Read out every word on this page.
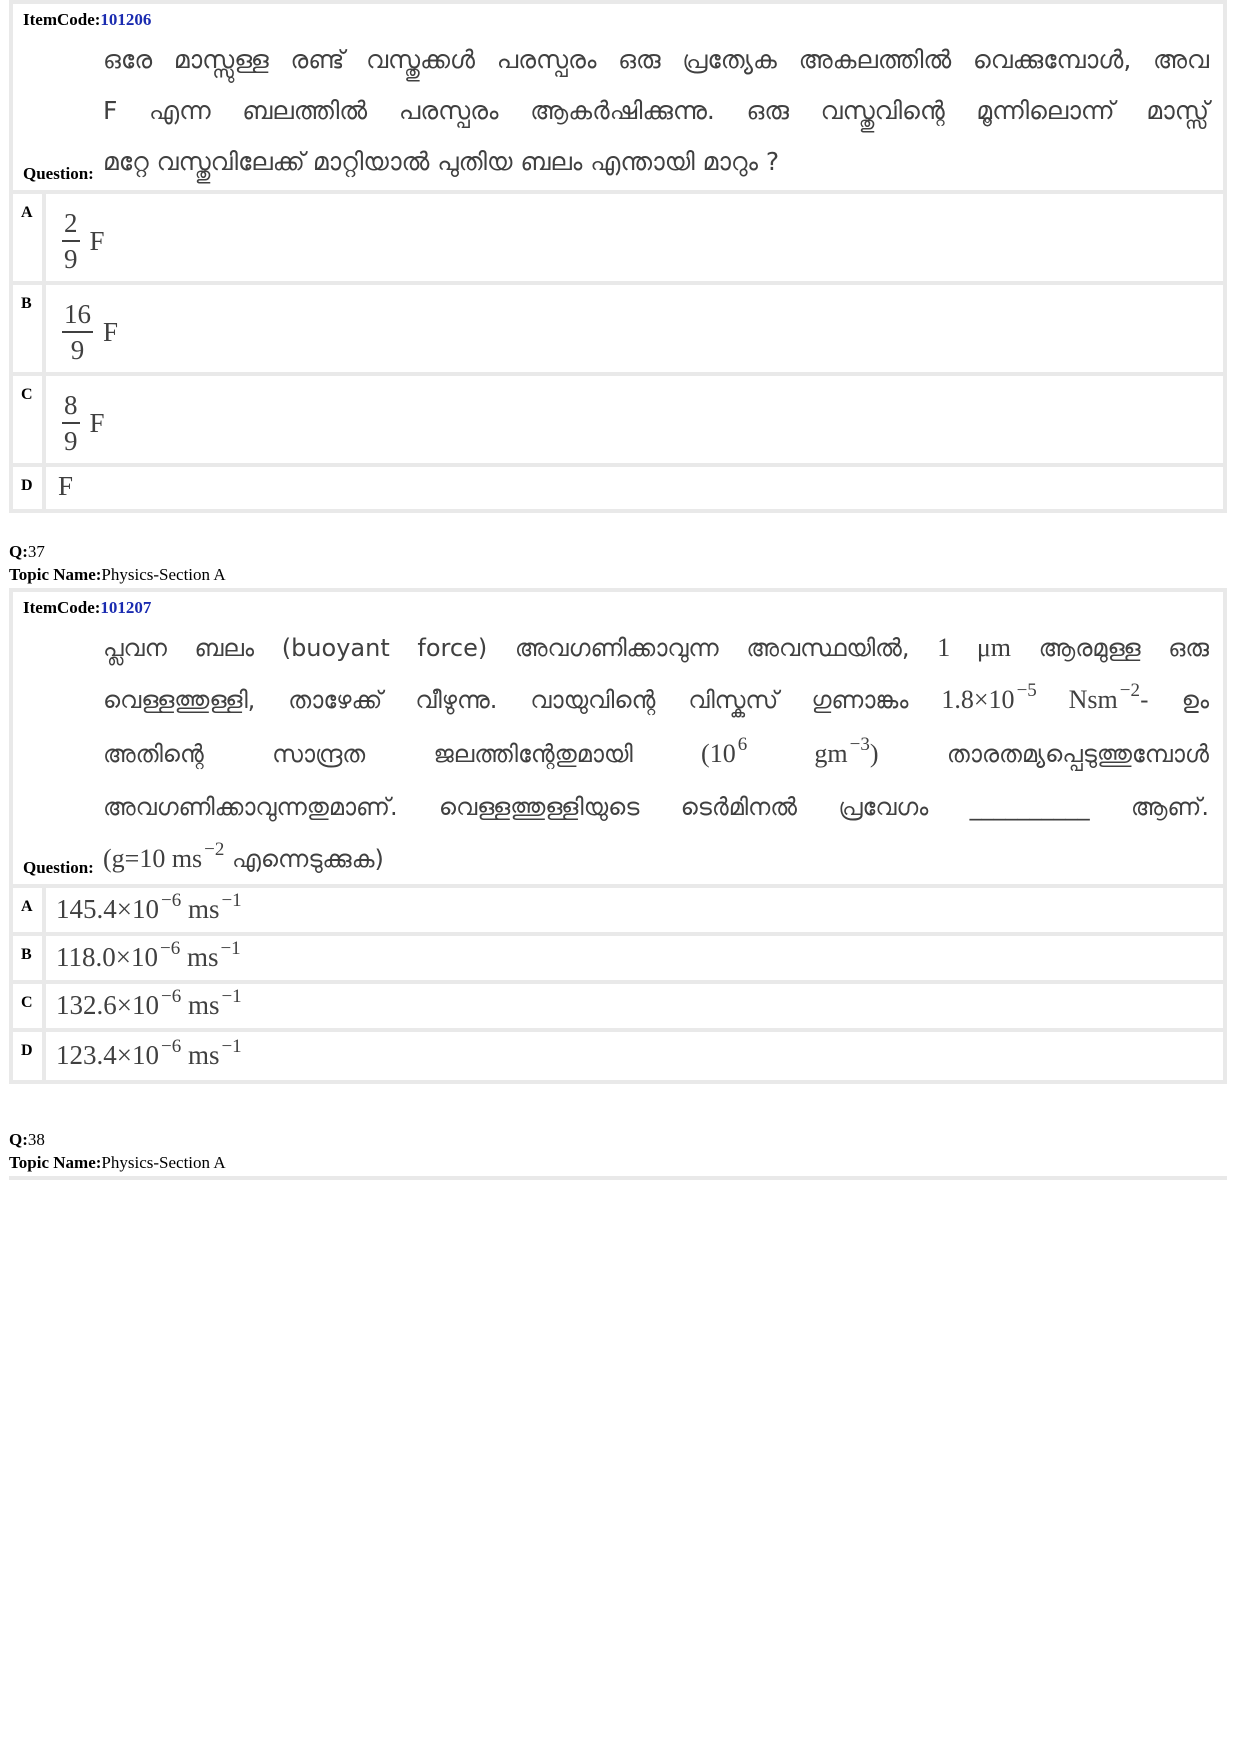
ItemCode:101206
ഒരേ മാസ്സുള്ള രണ്ട് വസ്തുക്കൾ പരസ്പരം ഒരു പ്രത്യേക അകലത്തിൽ വെക്കുമ്പോൾ, അവ
F എന്ന ബലത്തിൽ പരസ്പരം ആകർഷിക്കുന്നു. ഒരു വസ്തുവിന്റെ മൂന്നിലൊന്ന് മാസ്സ്
മറ്റേ വസ്തുവിലേക്ക് മാറ്റിയാൽ പുതിയ ബലം എന്തായി മാറും ?
Question:
A	$\frac{2}{9}$ F
B	$\frac{16}{9}$ F
C	$\frac{8}{9}$ F
D F
Q:37
Topic Name:Physics-Section A
ItemCode:101207
പ്ലവന ബലം (buoyant force) അവഗണിക്കാവുന്ന അവസ്ഥയിൽ, 1 μm ആരമുള്ള ഒരു
വെള്ളത്തുള്ളി, താഴേക്ക് വീഴുന്നു. വായുവിന്റെ വിസ്കസ് ഗുണാങ്കം 1.8×10 $^{-5}$ Nsm $^{-2}$- ഉം
അതിന്റെ സാന്ദ്രത ജലത്തിന്റേതുമായി (10 $^6$ gm $^{-3}$) താരതമ്യപ്പെടുത്തുമ്പോൾ
അവഗണിക്കാവുന്നതുമാണ്. വെള്ളത്തുള്ളിയുടെ ടെർമിനൽ പ്രവേഗം __________ ആണ്.
(g=10 ms $^{-2}$ എന്നെടുക്കുക)
Question:
A 145.4×10 $^{-6}$ ms $^{-1}$
B 118.0×10 $^{-6}$ ms $^{-1}$
C 132.6×10 $^{-6}$ ms $^{-1}$
D 123.4×10 $^{-6}$ ms $^{-1}$
Q:38
Topic Name:Physics-Section A
